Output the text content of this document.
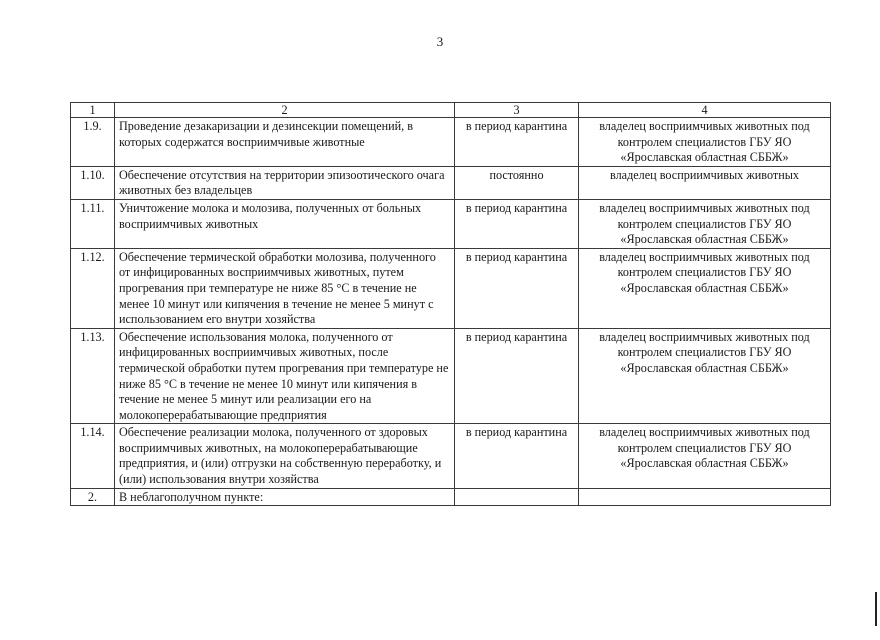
3
1	2	3	4
1.9.	Проведение дезакаризации и дезинсекции помещений, в которых содержатся восприимчивые животные	в период карантина	владелец восприимчивых животных под контролем специалистов ГБУ ЯО «Ярославская областная СББЖ»
1.10.	Обеспечение отсутствия на территории эпизоотического очага животных без владельцев	постоянно	владелец восприимчивых животных
1.11.	Уничтожение молока и молозива, полученных от больных восприимчивых животных	в период карантина	владелец восприимчивых животных под контролем специалистов ГБУ ЯО «Ярославская областная СББЖ»
1.12.	Обеспечение термической обработки молозива, полученного от инфицированных восприимчивых животных, путем прогревания при температуре не ниже 85 °С в течение не менее 10 минут или кипячения в течение не менее 5 минут с использованием его внутри хозяйства	в период карантина	владелец восприимчивых животных под контролем специалистов ГБУ ЯО «Ярославская областная СББЖ»
1.13.	Обеспечение использования молока, полученного от инфицированных восприимчивых животных, после термической обработки путем прогревания при температуре не ниже 85 °С в течение не менее 10 минут или кипячения в течение не менее 5 минут или реализации его на молокоперерабатывающие предприятия	в период карантина	владелец восприимчивых животных под контролем специалистов ГБУ ЯО «Ярославская областная СББЖ»
1.14.	Обеспечение реализации молока, полученного от здоровых восприимчивых животных, на молокоперерабатывающие предприятия, и (или) отгрузки на собственную переработку, и (или) использования внутри хозяйства	в период карантина	владелец восприимчивых животных под контролем специалистов ГБУ ЯО «Ярославская областная СББЖ»
2.	В неблагополучном пункте:		
